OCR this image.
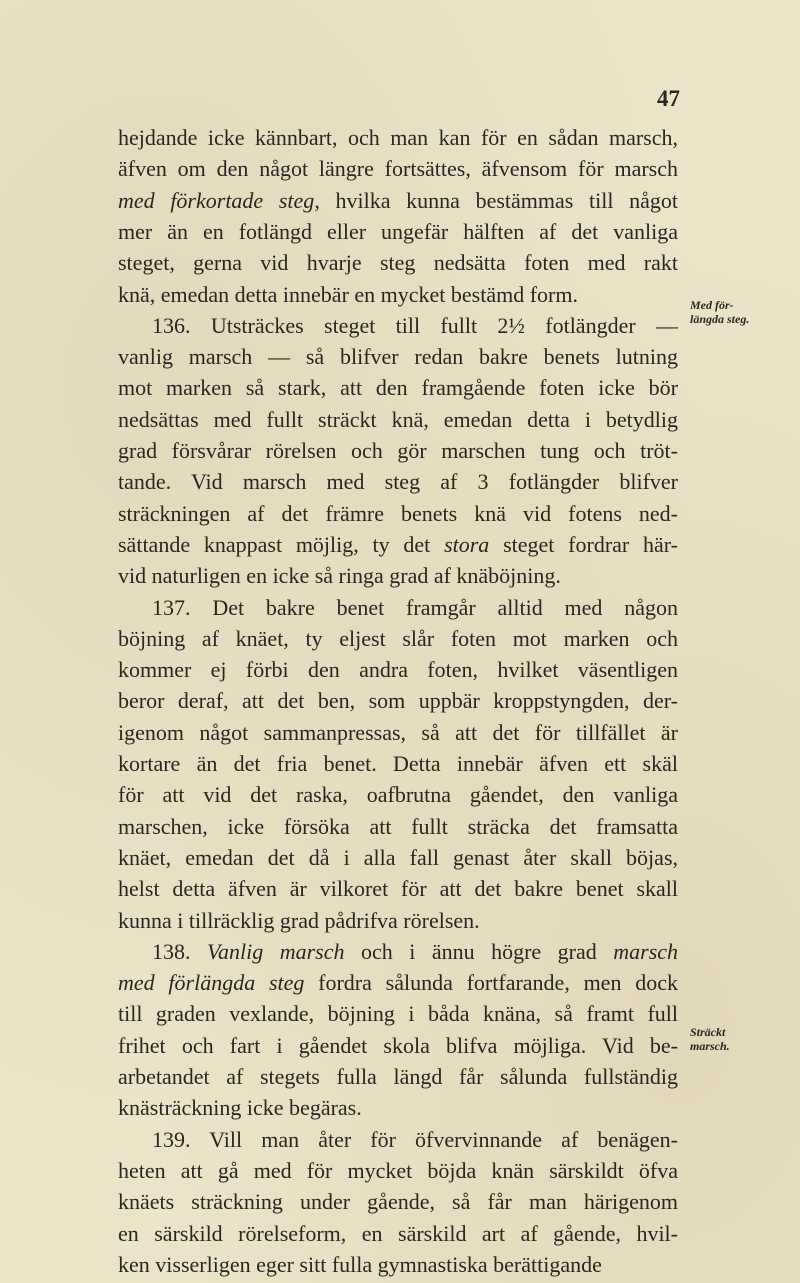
47
hejdande icke kännbart, och man kan för en sådan marsch,
äfven om den något längre fortsättes, äfvensom för marsch
med förkortade steg, hvilka kunna bestämmas till något
mer än en fotlängd eller ungefär hälften af det vanliga
steget, gerna vid hvarje steg nedsätta foten med rakt
knä, emedan detta innebär en mycket bestämd form.
136. Utsträckes steget till fullt 2½ fotlängder —
vanlig marsch — så blifver redan bakre benets lutning
mot marken så stark, att den framgående foten icke bör
nedsättas med fullt sträckt knä, emedan detta i betydlig
grad försvårar rörelsen och gör marschen tung och tröt-
tande. Vid marsch med steg af 3 fotlängder blifver
sträckningen af det främre benets knä vid fotens ned-
sättande knappast möjlig, ty det stora steget fordrar här-
vid naturligen en icke så ringa grad af knäböjning.
137. Det bakre benet framgår alltid med någon
böjning af knäet, ty eljest slår foten mot marken och
kommer ej förbi den andra foten, hvilket väsentligen
beror deraf, att det ben, som uppbär kroppstyngden, der-
igenom något sammanpressas, så att det för tillfället är
kortare än det fria benet. Detta innebär äfven ett skäl
för att vid det raska, oafbrutna gåendet, den vanliga
marschen, icke försöka att fullt sträcka det framsatta
knäet, emedan det då i alla fall genast åter skall böjas,
helst detta äfven är vilkoret för att det bakre benet skall
kunna i tillräcklig grad pådrifva rörelsen.
138. Vanlig marsch och i ännu högre grad marsch
med förlängda steg fordra sålunda fortfarande, men dock
till graden vexlande, böjning i båda knäna, så framt full
frihet och fart i gåendet skola blifva möjliga. Vid be-
arbetandet af stegets fulla längd får sålunda fullständig
knästräckning icke begäras.
139. Vill man åter för öfvervinnande af benägen-
heten att gå med för mycket böjda knän särskildt öfva
knäets sträckning under gående, så får man härigenom
en särskild rörelseform, en särskild art af gående, hvil-
ken visserligen eger sitt fulla gymnastiska berättigande
Med för-
längda steg.
Sträckt
marsch.
